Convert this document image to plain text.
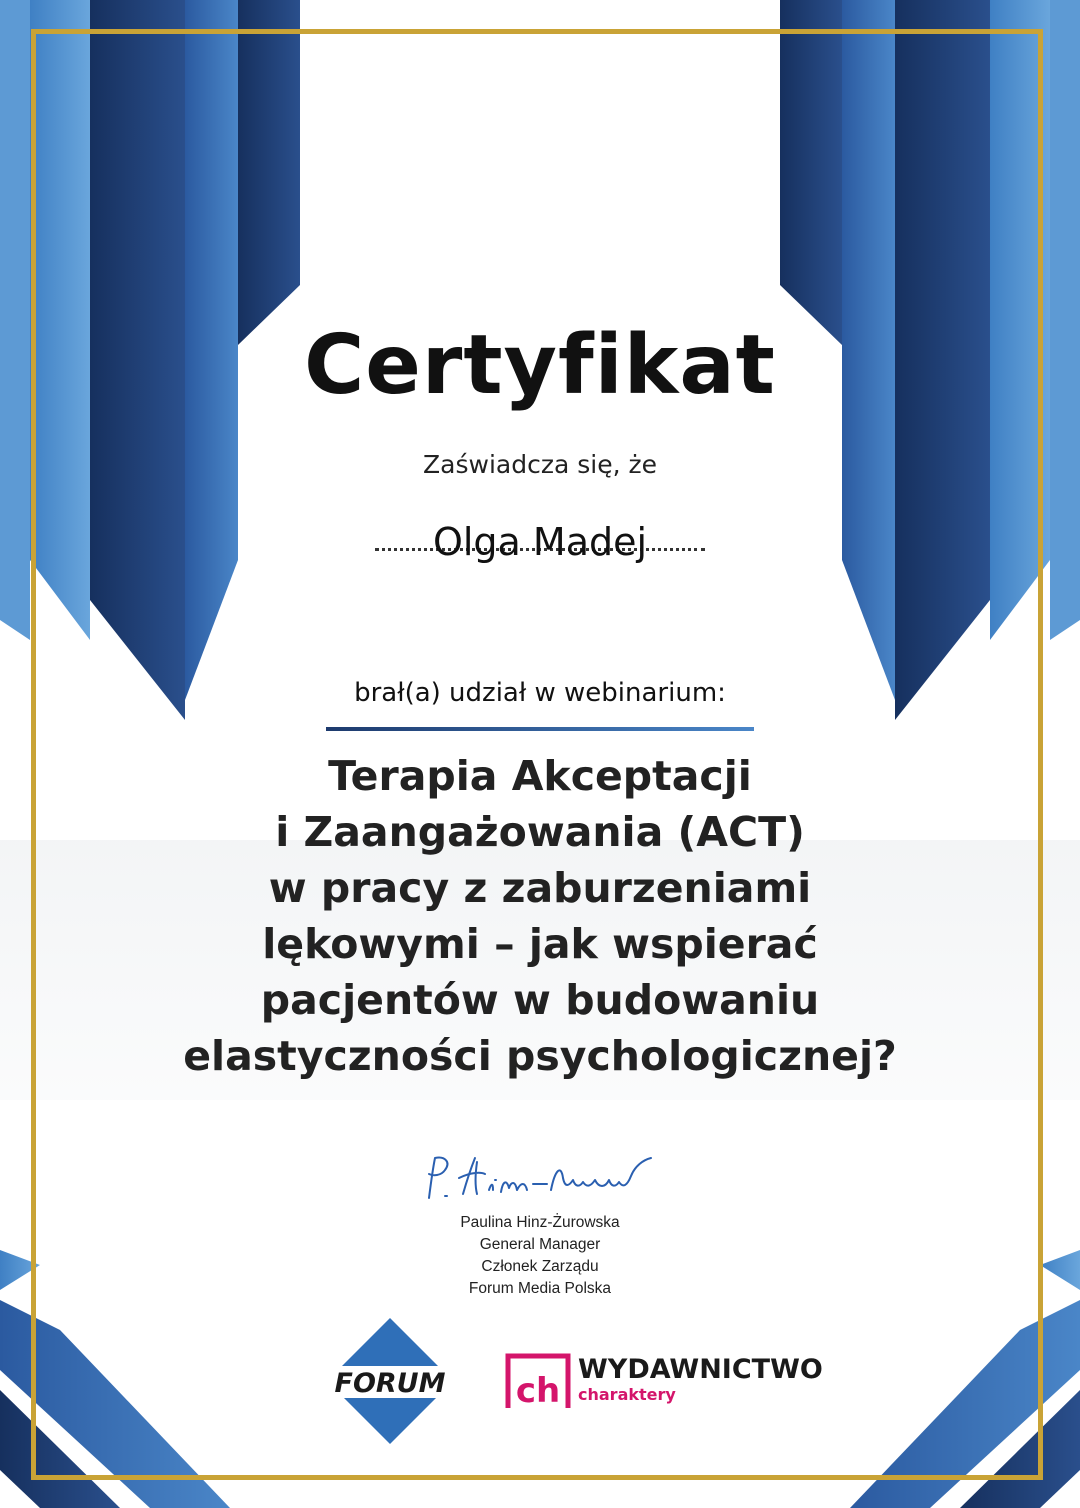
Certyfikat
Zaświadcza się, że
Olga Madej
brał(a) udział w webinarium:
Terapia Akceptacji
i Zaangażowania (ACT)
w pracy z zaburzeniami
lękowymi – jak wspierać
pacjentów w budowaniu
elastyczności psychologicznej?
Paulina Hinz-Żurowska
General Manager
Członek Zarządu
Forum Media Polska
FORUM ch
WYDAWNICTWO
charaktery
